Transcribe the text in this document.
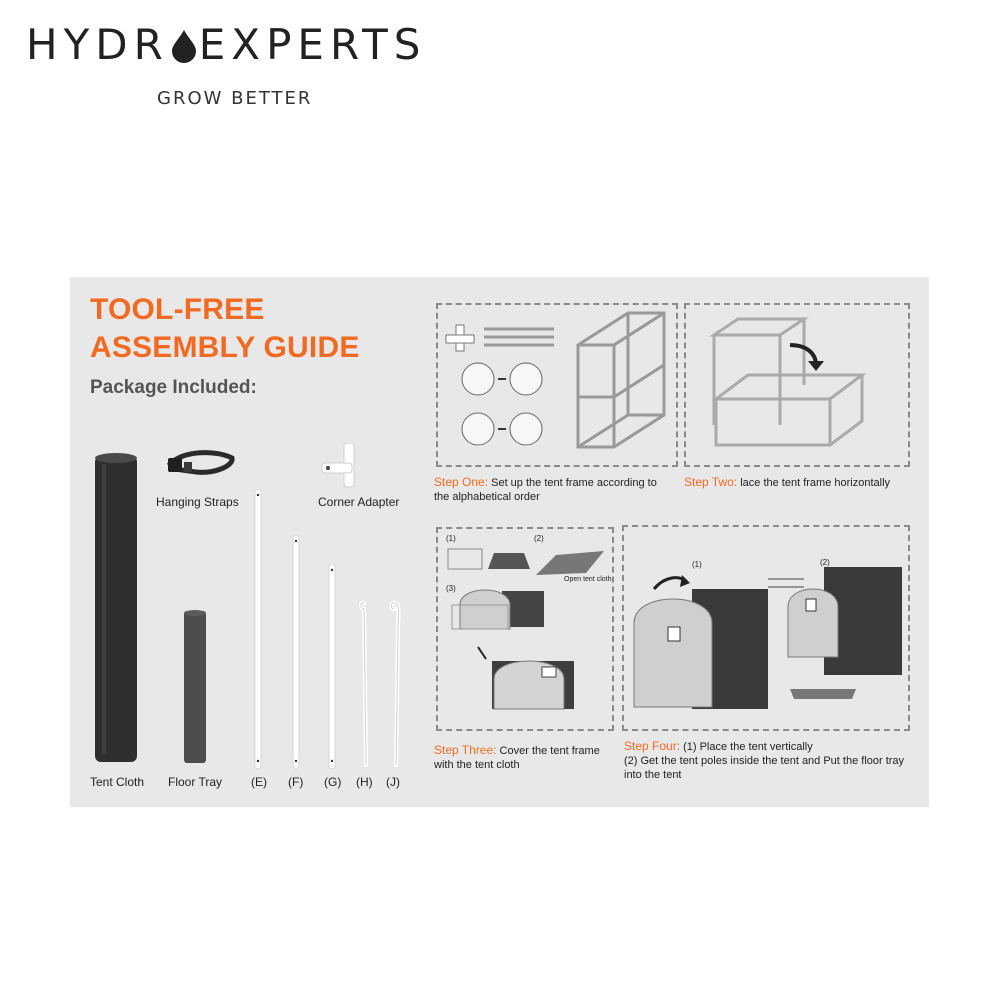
HYDR EXPERTS
GROW BETTER
TOOL-FREE
ASSEMBLY GUIDE
Package Included:
Tent Cloth
Hanging Straps	Corner Adapter
Floor Tray (E) (F) (G) (H) (J)
Step One: Set up the tent frame according to the alphabetical order
Step Two: lace the tent frame horizontally
(1)	(2)
Open tent cloth
(3)
Step Three: Cover the tent frame with the tent cloth
(1)	(2)
Step Four: (1) Place the tent vertically
(2) Get the tent poles inside the tent and Put the floor tray into the tent
